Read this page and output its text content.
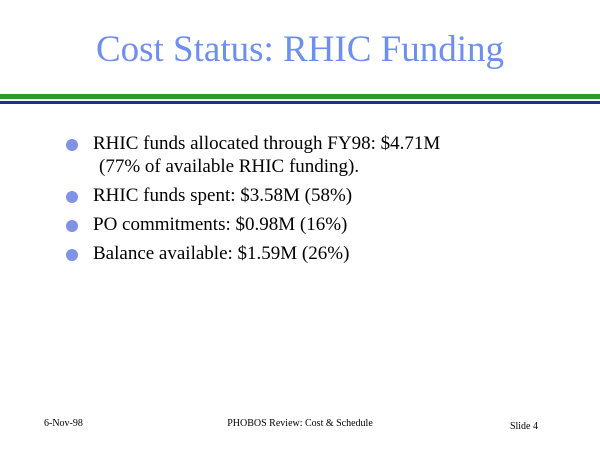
Cost Status: RHIC Funding
RHIC funds allocated through FY98: $4.71M
(77% of available RHIC funding).
RHIC funds spent: $3.58M (58%)
PO commitments: $0.98M (16%)
Balance available: $1.59M (26%)
6-Nov-98	PHOBOS Review: Cost & Schedule	Slide 4
